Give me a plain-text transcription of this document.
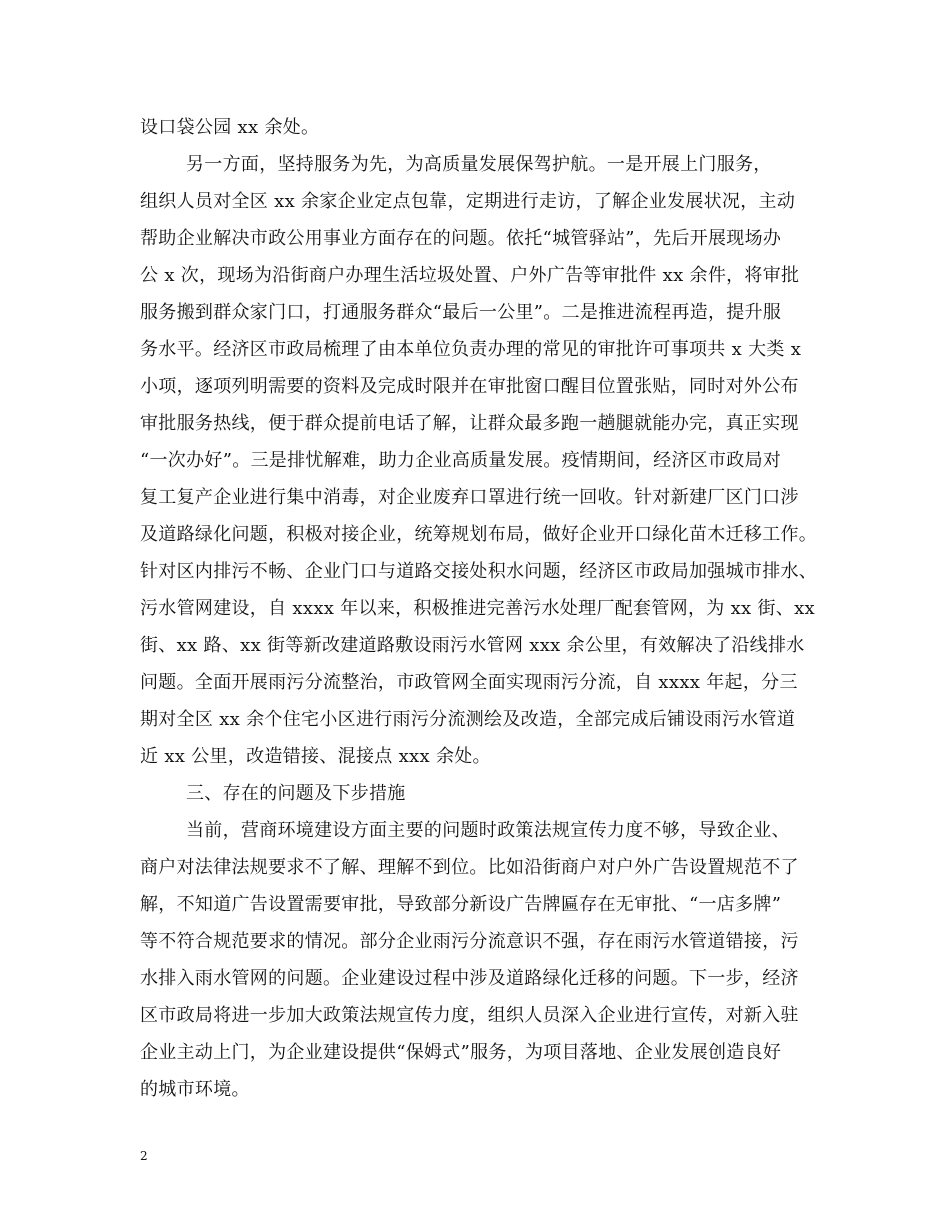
设口袋公园 xx 余处。
另一方面，坚持服务为先，为高质量发展保驾护航。一是开展上门服务，
组织人员对全区 xx 余家企业定点包靠，定期进行走访，了解企业发展状况，主动
帮助企业解决市政公用事业方面存在的问题。依托“城管驿站”，先后开展现场办
公 x 次，现场为沿街商户办理生活垃圾处置、户外广告等审批件 xx 余件，将审批
服务搬到群众家门口，打通服务群众“最后一公里”。二是推进流程再造，提升服
务水平。经济区市政局梳理了由本单位负责办理的常见的审批许可事项共 x 大类 x
小项，逐项列明需要的资料及完成时限并在审批窗口醒目位置张贴，同时对外公布
审批服务热线，便于群众提前电话了解，让群众最多跑一趟腿就能办完，真正实现
“一次办好”。三是排忧解难，助力企业高质量发展。疫情期间，经济区市政局对
复工复产企业进行集中消毒，对企业废弃口罩进行统一回收。针对新建厂区门口涉
及道路绿化问题，积极对接企业，统筹规划布局，做好企业开口绿化苗木迁移工作。
针对区内排污不畅、企业门口与道路交接处积水问题，经济区市政局加强城市排水、
污水管网建设，自 xxxx 年以来，积极推进完善污水处理厂配套管网，为 xx 街、xx
街、xx 路、xx 街等新改建道路敷设雨污水管网 xxx 余公里，有效解决了沿线排水
问题。全面开展雨污分流整治，市政管网全面实现雨污分流，自 xxxx 年起，分三
期对全区 xx 余个住宅小区进行雨污分流测绘及改造，全部完成后铺设雨污水管道
近 xx 公里，改造错接、混接点 xxx 余处。
三、存在的问题及下步措施
当前，营商环境建设方面主要的问题时政策法规宣传力度不够，导致企业、
商户对法律法规要求不了解、理解不到位。比如沿街商户对户外广告设置规范不了
解，不知道广告设置需要审批，导致部分新设广告牌匾存在无审批、“一店多牌”
等不符合规范要求的情况。部分企业雨污分流意识不强，存在雨污水管道错接，污
水排入雨水管网的问题。企业建设过程中涉及道路绿化迁移的问题。下一步，经济
区市政局将进一步加大政策法规宣传力度，组织人员深入企业进行宣传，对新入驻
企业主动上门，为企业建设提供“保姆式”服务，为项目落地、企业发展创造良好
的城市环境。
2
